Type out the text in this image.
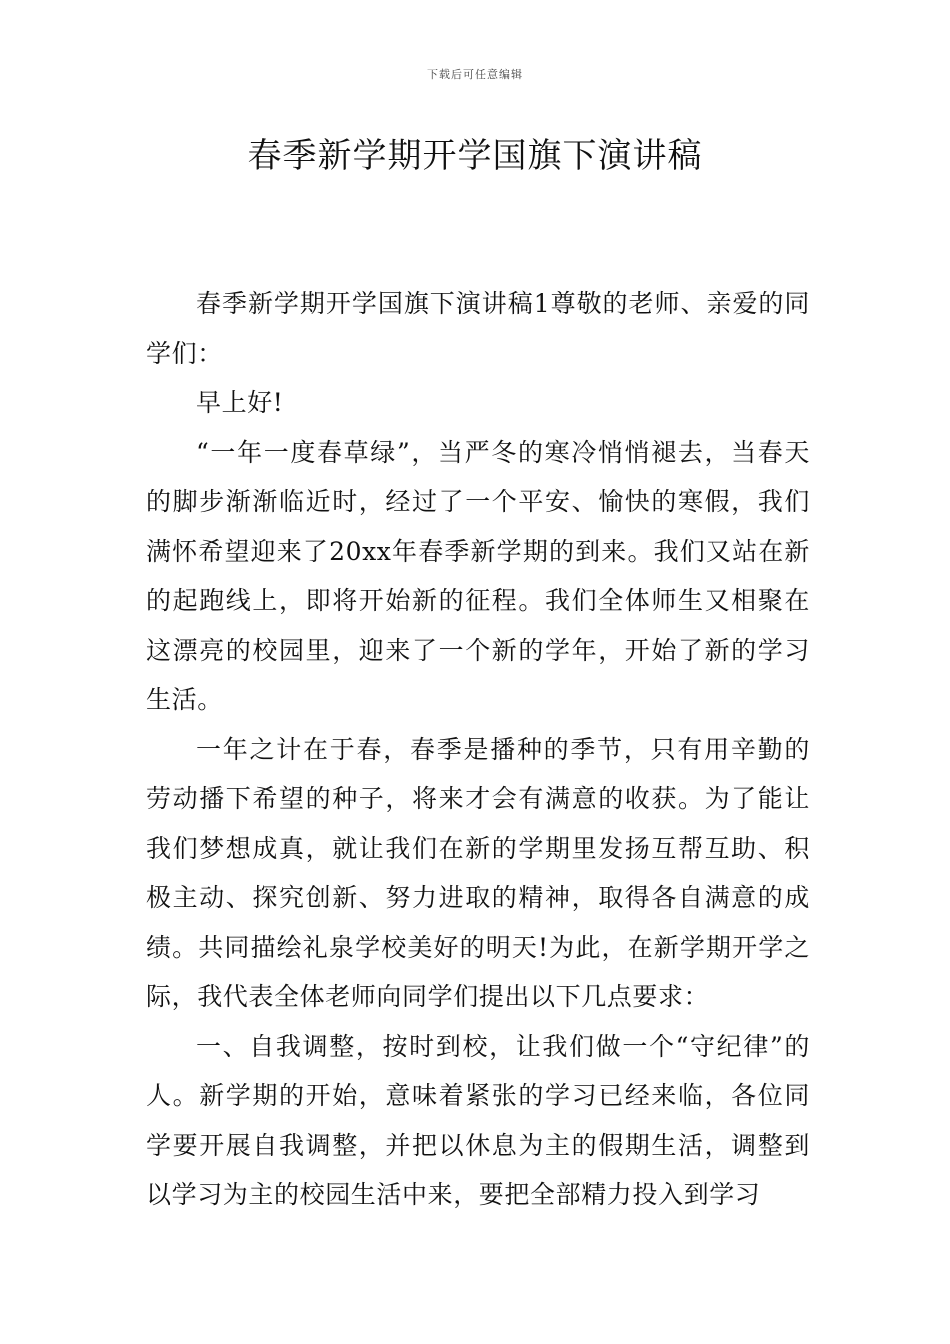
下载后可任意编辑
春季新学期开学国旗下演讲稿

春季新学期开学国旗下演讲稿1尊敬的老师、亲爱的同学们：

早上好!

“一年一度春草绿”，当严冬的寒冷悄悄褪去，当春天的脚步渐渐临近时，经过了一个平安、愉快的寒假，我们满怀希望迎来了20xx年春季新学期的到来。我们又站在新的起跑线上，即将开始新的征程。我们全体师生又相聚在这漂亮的校园里，迎来了一个新的学年，开始了新的学习生活。

一年之计在于春，春季是播种的季节，只有用辛勤的劳动播下希望的种子，将来才会有满意的收获。为了能让我们梦想成真，就让我们在新的学期里发扬互帮互助、积极主动、探究创新、努力进取的精神，取得各自满意的成绩。共同描绘礼泉学校美好的明天!为此，在新学期开学之际，我代表全体老师向同学们提出以下几点要求：

一、自我调整，按时到校，让我们做一个“守纪律”的人。新学期的开始，意味着紧张的学习已经来临，各位同学要开展自我调整，并把以休息为主的假期生活，调整到以学习为主的校园生活中来，要把全部精力投入到学习
